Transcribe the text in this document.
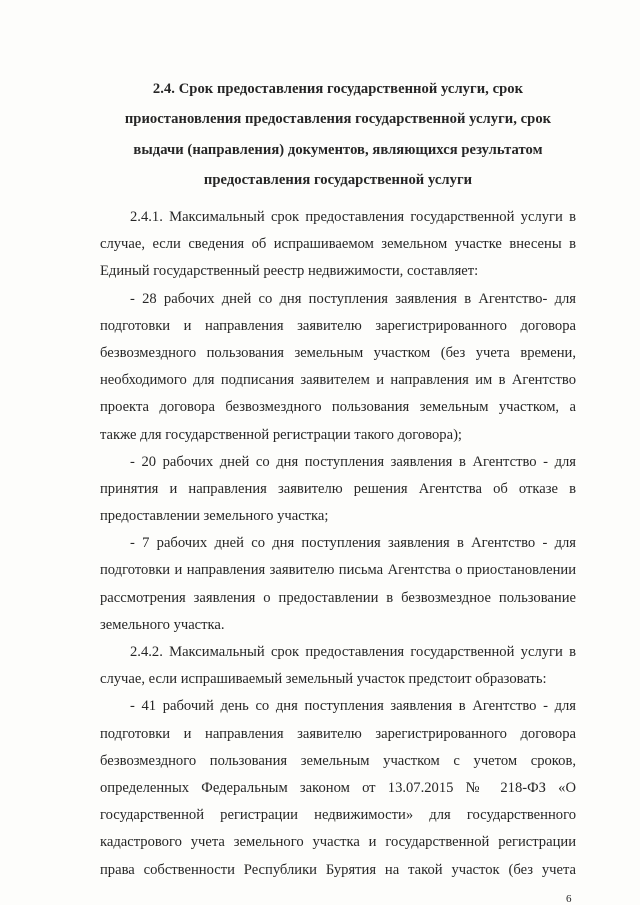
2.4. Срок предоставления государственной услуги, срок
приостановления предоставления государственной услуги, срок
выдачи (направления) документов, являющихся результатом
предоставления государственной услуги
2.4.1. Максимальный срок предоставления государственной услуги в
случае, если сведения об испрашиваемом земельном участке внесены в
Единый государственный реестр недвижимости, составляет:
- 28 рабочих дней со дня поступления заявления в Агентство- для
подготовки и направления заявителю зарегистрированного договора
безвозмездного пользования земельным участком (без учета времени,
необходимого для подписания заявителем и направления им в Агентство
проекта договора безвозмездного пользования земельным участком, а
также для государственной регистрации такого договора);
- 20 рабочих дней со дня поступления заявления в Агентство - для
принятия и направления заявителю решения Агентства об отказе в
предоставлении земельного участка;
- 7 рабочих дней со дня поступления заявления в Агентство - для
подготовки и направления заявителю письма Агентства о приостановлении
рассмотрения заявления о предоставлении в безвозмездное пользование
земельного участка.
2.4.2. Максимальный срок предоставления государственной услуги в
случае, если испрашиваемый земельный участок предстоит образовать:
- 41 рабочий день со дня поступления заявления в Агентство - для
подготовки и направления заявителю зарегистрированного договора
безвозмездного пользования земельным участком с учетом сроков,
определенных Федеральным законом от 13.07.2015 № 218-ФЗ «О
государственной регистрации недвижимости» для государственного
кадастрового учета земельного участка и государственной регистрации
права собственности Республики Бурятия на такой участок (без учета
6
